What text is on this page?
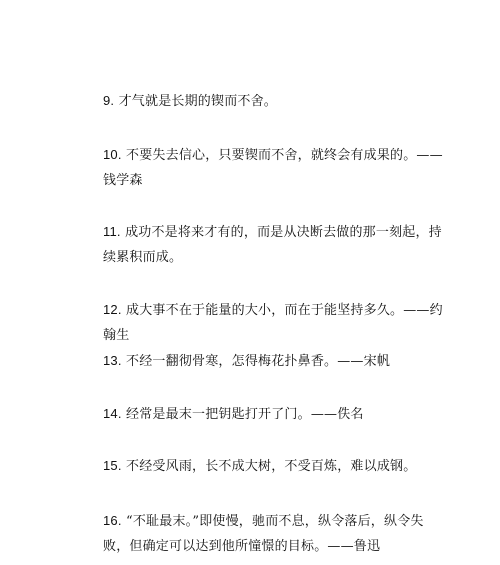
9. 才气就是长期的锲而不舍。
10. 不要失去信心，只要锲而不舍，就终会有成果的。——钱学森
11. 成功不是将来才有的，而是从决断去做的那一刻起，持续累积而成。
12. 成大事不在于能量的大小，而在于能坚持多久。——约翰生
13. 不经一翻彻骨寒，怎得梅花扑鼻香。——宋帆
14. 经常是最末一把钥匙打开了门。——佚名
15. 不经受风雨，长不成大树，不受百炼，难以成钢。
16. “不耻最末。”即使慢，驰而不息，纵令落后，纵令失败，但确定可以达到他所憧憬的目标。——鲁迅
